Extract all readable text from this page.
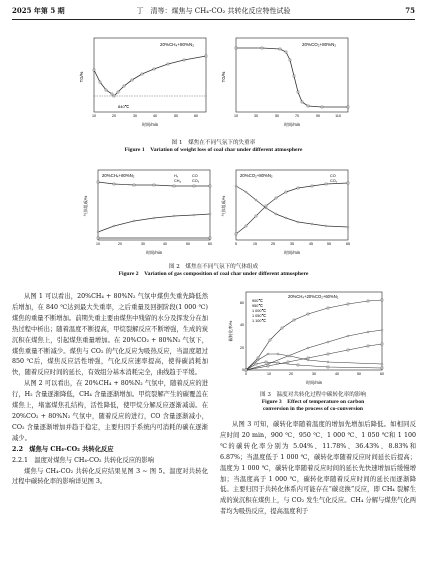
2025 年第 5 期	丁　清等：煤焦与 CH₄-CO₂ 共转化反应特性试验	75
20%CH₄+80%N₂
TG/%
840℃
10	20	30	40	50	60
时间/min
20%CO₂+80%N₂
TG/%
10	30	50	70	90	110
时间/min
图 1　煤焦在不同气氛下的失重率
Figure 1　Variation of weight loss of coal char under different atmosphere
20%CH₄+80%N₂	H₂
CH₄
CO
CO₂
气体组成/%
10	20	30	40	50	60
时间/min
20%CO₂+80%N₂	CO
CO₂
气体组成/%
5	15	25	35	45	55	65
时间/min
图 2　煤焦在不同气氛下的气体组成
Figure 2　Variation of gas composition of coal char under different atmosphere

从图 1 可以看出，20%CH₄ + 80%N₂ 气氛中煤焦失重先降低然后增加，在 840 ℃达到最大失重率，之后重量及回据阶段(1 000 ℃)煤焦的重量不断增加。前期失重主要由煤焦中残留的水分及挥发分在加热过程中析出；随着温度不断提高，甲烷裂解反应不断增强，生成的炭沉积在煤焦上，引起煤焦重量增加。在 20%CO₂ + 80%N₂ 气氛下，煤焦重量不断减少。煤焦与 CO₂ 的气化反应为吸热反应，当温度超过 850 ℃后，煤焦反应活性增强，气化反应速率提高，使得碳消耗加快，随着反应时间的延长，有效组分基本消耗完全，曲线趋于平缓。

从图 2 可以看出，在 20%CH₄ + 80%N₂ 气氛中，随着反应的进行，H₂ 含量逐渐降低，CH₄ 含量逐渐增加。甲烷裂解产生的碳覆盖在煤焦上，堵塞煤焦孔结构，活性降低，使甲烷分解反应逐渐减弱。在 20%CO₂ + 80%N₂ 气氛中，随着反应的进行，CO 含量逐渐减小，CO₂ 含量逐渐增加并趋于稳定，主要归因于系统内可消耗的碳在逐渐减少。

2.2　煤焦与 CH₄-CO₂ 共转化反应

2.2.1　温度对煤焦与 CH₄-CO₂ 共转化反应的影响

煤焦与 CH₄-CO₂ 共转化反应结果见图 3 ~ 图 5。温度对共转化过程中碳转化率的影响详见图 3。

20%CH₄+20%CO₂+60%N₂
900℃
950℃
1 000℃
1 050℃
1 100℃
碳转化率/%
0	10	20	30	40	50	60
0
20
40
60
时间/min
图 3　温度对共转化过程中碳转化率的影响
Figure 3　Effect of temperature on carbon
conversion in the process of co-conversion

从图 3 可知，碳转化率随着温度的增加先增加后降低。如相同反应时间 20 min，900 ℃、950 ℃、1 000 ℃、1 050 ℃和 1 100 ℃的碳转化率分别为 5.04%、11.78%、36.43%、8.83%和 6.87%；当温度低于 1 000 ℃，碳转化率随着反应时间延长后提高；温度为 1 000 ℃，碳转化率随着反应时间的延长先快速增加后缓慢增加；当温度高于 1 000 ℃，碳转化率随着反应时间的延长而逐渐降低。主要归因于共转化体系内可能存在“碳竞换”反应，即 CH₄ 裂解生成的炭沉积在煤焦上，与 CO₂ 发生气化反应。CH₄ 分解与煤焦气化两者均为吸热反应，提高温度利于
